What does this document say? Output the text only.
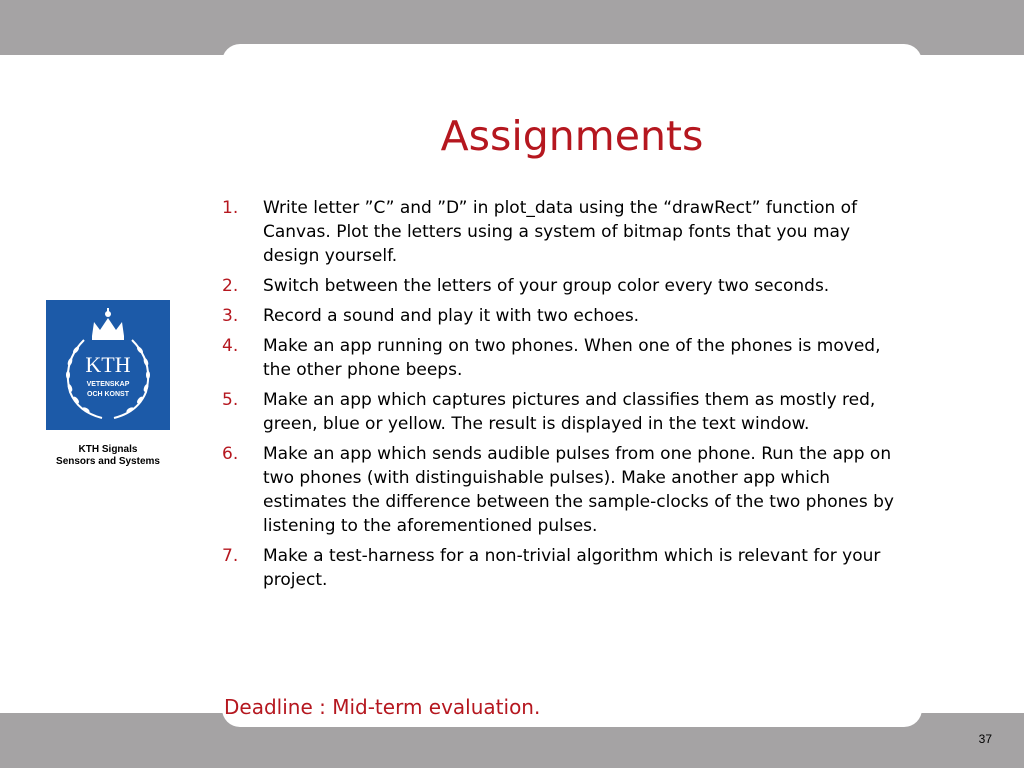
Assignments
1.	Write letter ”C” and ”D” in plot_data using the “drawRect” function of Canvas. Plot the letters using a system of bitmap fonts that you may design yourself.
2.	Switch between the letters of your group color every two seconds.
3.	Record a sound and play it with two echoes.
4.	Make an app running on two phones. When one of the phones is moved, the other phone beeps.
5.	Make an app which captures pictures and classifies them as mostly red, green, blue or yellow. The result is displayed in the text window.
6.	Make an app which sends audible pulses from one phone. Run the app on two phones (with distinguishable pulses). Make another app which estimates the difference between the sample-clocks of the two phones by listening to the aforementioned pulses.
7.	Make a test-harness for a non-trivial algorithm which is relevant for your project.

Deadline : Mid-term evaluation.

KTH
VETENSKAP
OCH KONST
KTH Signals
Sensors and Systems
37
